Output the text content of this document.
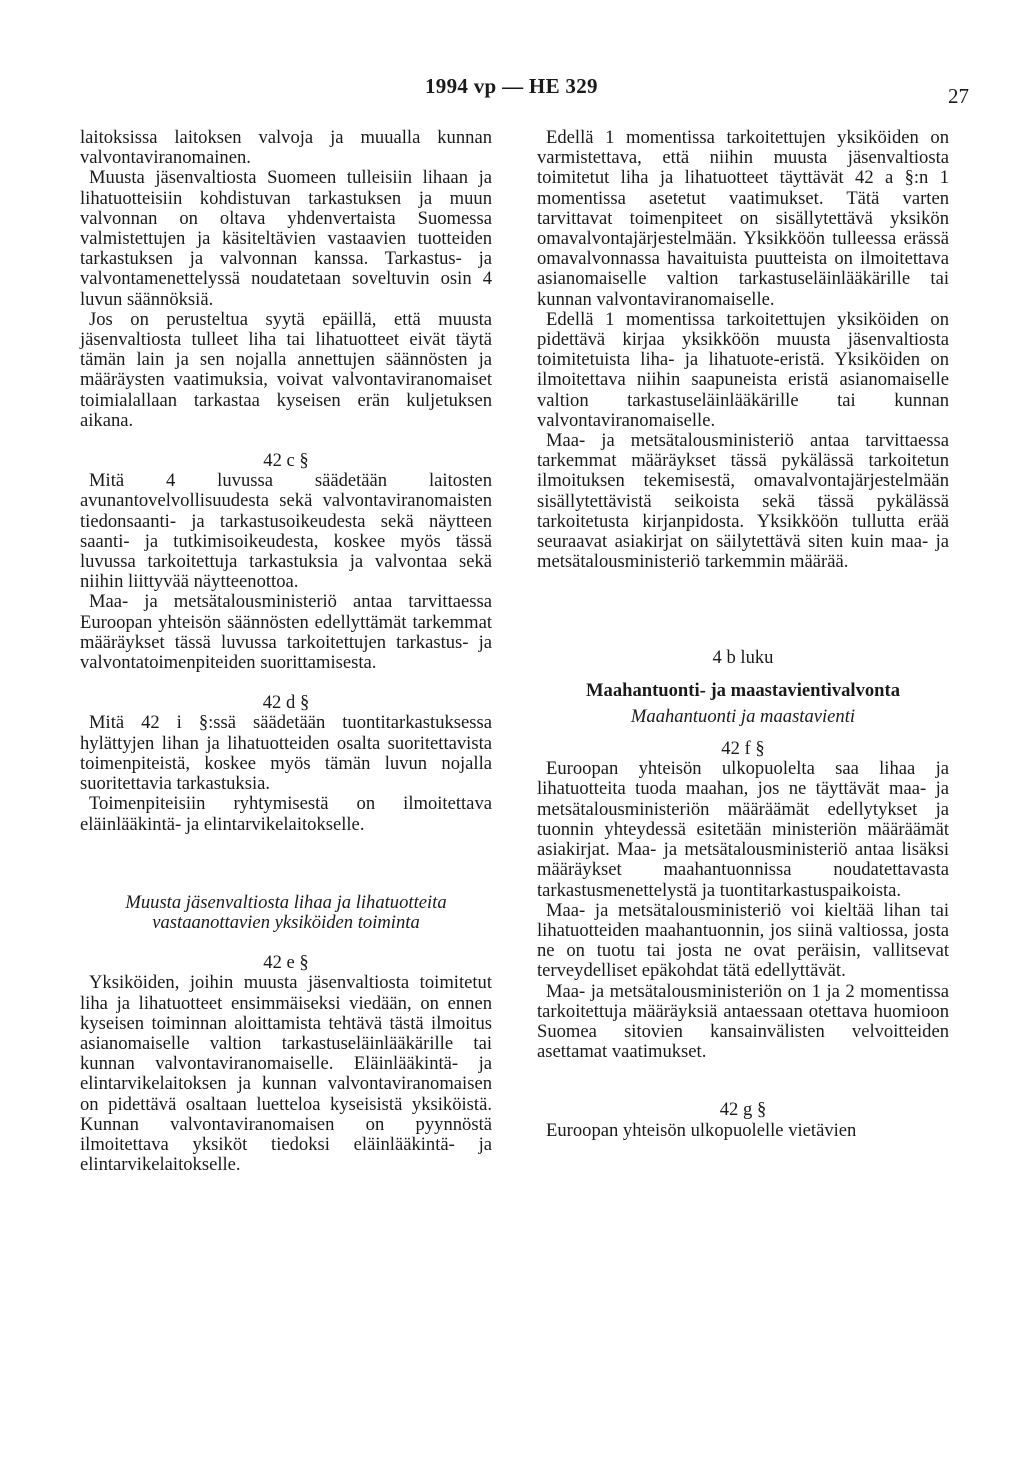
1994 vp — HE 329	27

laitoksissa laitoksen valvoja ja muualla kunnan valvontaviranomainen.

Muusta jäsenvaltiosta Suomeen tulleisiin lihaan ja lihatuotteisiin kohdistuvan tarkastuksen ja muun valvonnan on oltava yhdenvertaista Suomessa valmistettujen ja käsiteltävien vastaavien tuotteiden tarkastuksen ja valvonnan kanssa. Tarkastus- ja valvontamenettelyssä noudatetaan soveltuvin osin 4 luvun säännöksiä.

Jos on perusteltua syytä epäillä, että muusta jäsenvaltiosta tulleet liha tai lihatuotteet eivät täytä tämän lain ja sen nojalla annettujen säännösten ja määräysten vaatimuksia, voivat valvontaviranomaiset toimialallaan tarkastaa kyseisen erän kuljetuksen aikana.

42 c §

Mitä 4 luvussa säädetään laitosten avunantovelvollisuudesta sekä valvontaviranomaisten tiedonsaanti- ja tarkastusoikeudesta sekä näytteen saanti- ja tutkimisoikeudesta, koskee myös tässä luvussa tarkoitettuja tarkastuksia ja valvontaa sekä niihin liittyvää näytteenottoa.

Maa- ja metsätalousministeriö antaa tarvittaessa Euroopan yhteisön säännösten edellyttämät tarkemmat määräykset tässä luvussa tarkoitettujen tarkastus- ja valvontatoimenpiteiden suorittamisesta.

42 d §

Mitä 42 i §:ssä säädetään tuontitarkastuksessa hylättyjen lihan ja lihatuotteiden osalta suoritettavista toimenpiteistä, koskee myös tämän luvun nojalla suoritettavia tarkastuksia.

Toimenpiteisiin ryhtymisestä on ilmoitettava eläinlääkintä- ja elintarvikelaitokselle.

Muusta jäsenvaltiosta lihaa ja lihatuotteita

vastaanottavien yksiköiden toiminta

42 e §

Yksiköiden, joihin muusta jäsenvaltiosta toimitetut liha ja lihatuotteet ensimmäiseksi viedään, on ennen kyseisen toiminnan aloittamista tehtävä tästä ilmoitus asianomaiselle valtion tarkastuseläinlääkärille tai kunnan valvontaviranomaiselle. Eläinlääkintä- ja elintarvikelaitoksen ja kunnan valvontaviranomaisen on pidettävä osaltaan luetteloa kyseisistä yksiköistä. Kunnan valvontaviranomaisen on pyynnöstä ilmoitettava yksiköt tiedoksi eläinlääkintä- ja elintarvikelaitokselle.

Edellä 1 momentissa tarkoitettujen yksiköiden on varmistettava, että niihin muusta jäsenvaltiosta toimitetut liha ja lihatuotteet täyttävät 42 a §:n 1 momentissa asetetut vaatimukset. Tätä varten tarvittavat toimenpiteet on sisällytettävä yksikön omavalvontajärjestelmään. Yksikköön tulleessa erässä omavalvonnassa havaituista puutteista on ilmoitettava asianomaiselle valtion tarkastuseläinlääkärille tai kunnan valvontaviranomaiselle.

Edellä 1 momentissa tarkoitettujen yksiköiden on pidettävä kirjaa yksikköön muusta jäsenvaltiosta toimitetuista liha- ja lihatuote-eristä. Yksiköiden on ilmoitettava niihin saapuneista eristä asianomaiselle valtion tarkastuseläinlääkärille tai kunnan valvontaviranomaiselle.

Maa- ja metsätalousministeriö antaa tarvittaessa tarkemmat määräykset tässä pykälässä tarkoitetun ilmoituksen tekemisestä, omavalvontajärjestelmään sisällytettävistä seikoista sekä tässä pykälässä tarkoitetusta kirjanpidosta. Yksikköön tullutta erää seuraavat asiakirjat on säilytettävä siten kuin maa- ja metsätalousministeriö tarkemmin määrää.

4 b luku

Maahantuonti- ja maastavientivalvonta

Maahantuonti ja maastavienti

42 f §

Euroopan yhteisön ulkopuolelta saa lihaa ja lihatuotteita tuoda maahan, jos ne täyttävät maa- ja metsätalousministeriön määräämät edellytykset ja tuonnin yhteydessä esitetään ministeriön määräämät asiakirjat. Maa- ja metsätalousministeriö antaa lisäksi määräykset maahantuonnissa noudatettavasta tarkastusmenettelystä ja tuontitarkastuspaikoista.

Maa- ja metsätalousministeriö voi kieltää lihan tai lihatuotteiden maahantuonnin, jos siinä valtiossa, josta ne on tuotu tai josta ne ovat peräisin, vallitsevat terveydelliset epäkohdat tätä edellyttävät.

Maa- ja metsätalousministeriön on 1 ja 2 momentissa tarkoitettuja määräyksiä antaessaan otettava huomioon Suomea sitovien kansainvälisten velvoitteiden asettamat vaatimukset.

42 g §

Euroopan yhteisön ulkopuolelle vietävien
